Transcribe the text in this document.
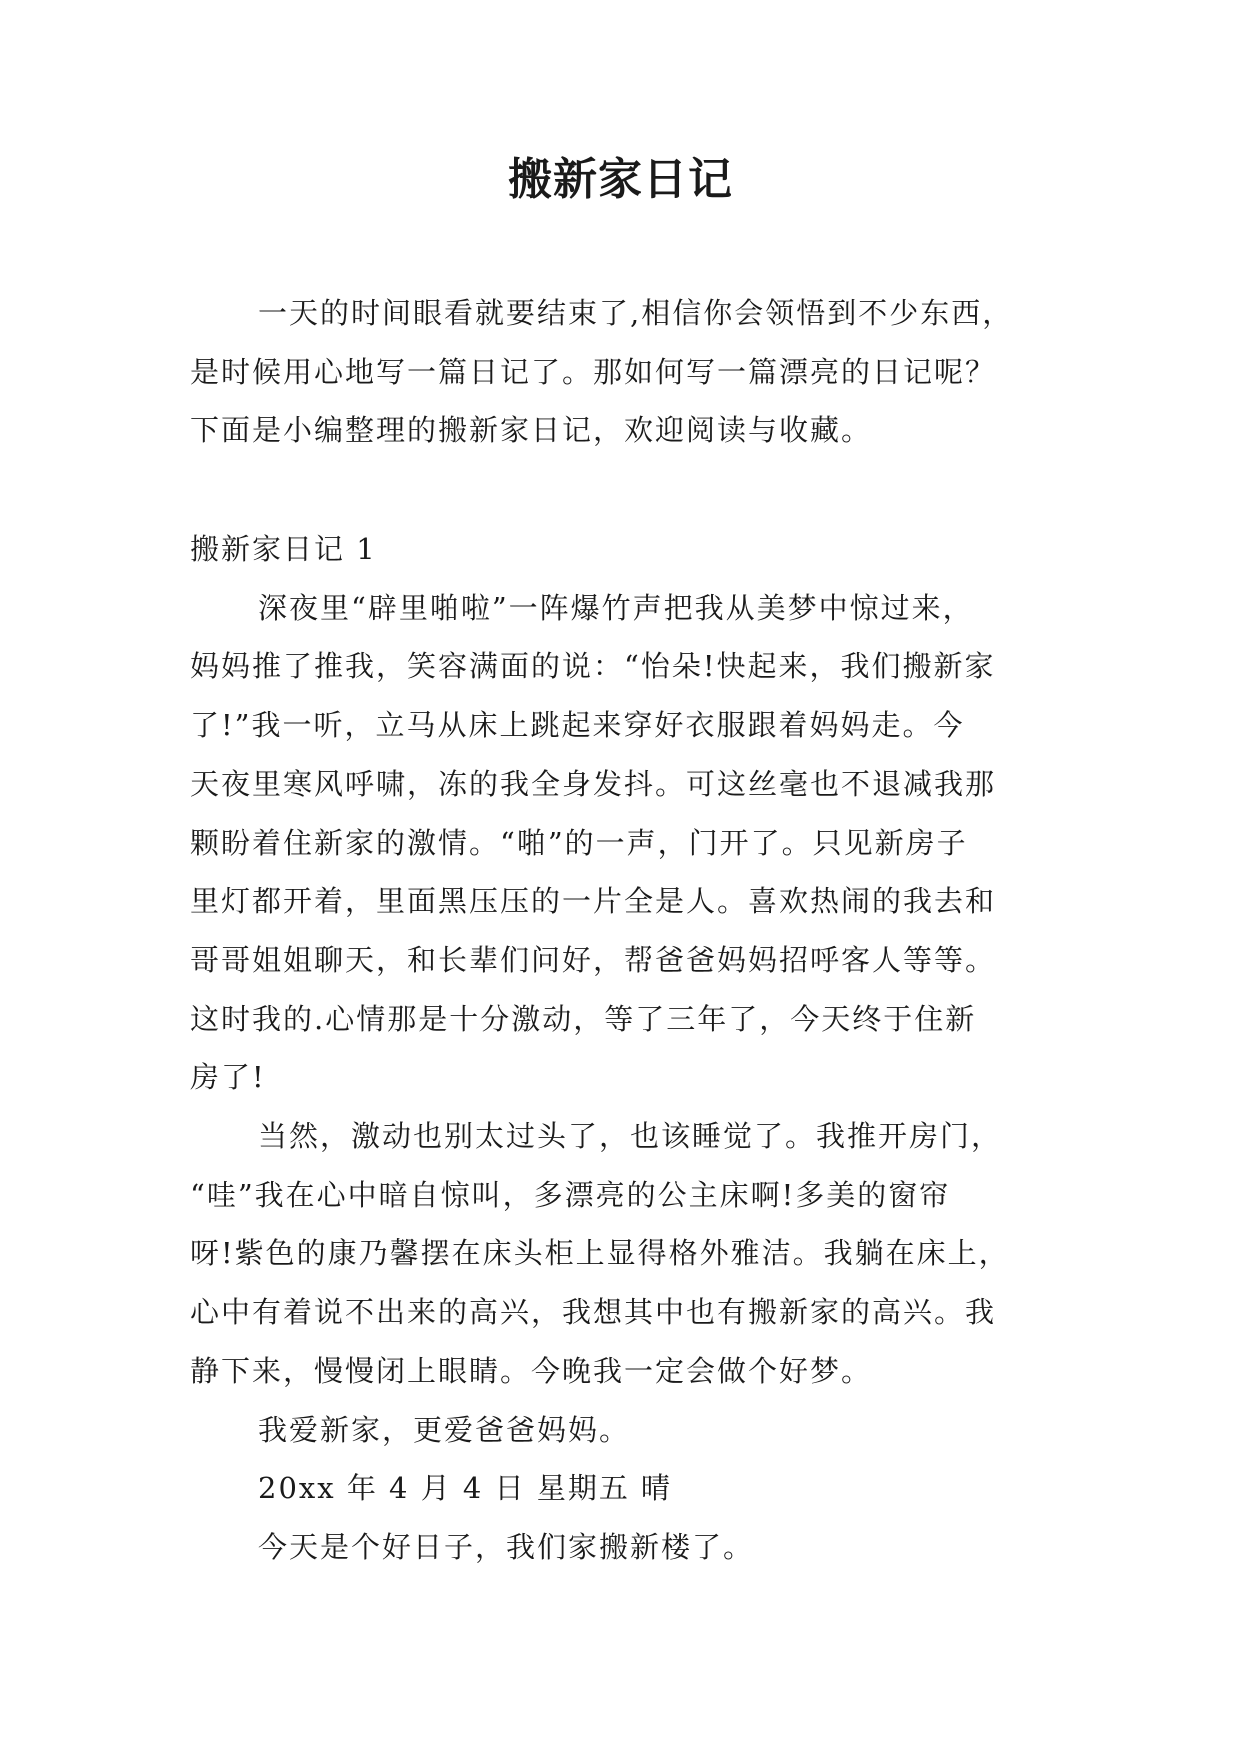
搬新家日记
一天的时间眼看就要结束了,相信你会领悟到不少东西，
是时候用心地写一篇日记了。那如何写一篇漂亮的日记呢？
下面是小编整理的搬新家日记，欢迎阅读与收藏。
搬新家日记 1
深夜里“辟里啪啦”一阵爆竹声把我从美梦中惊过来，
妈妈推了推我，笑容满面的说：“怡朵!快起来，我们搬新家
了!”我一听，立马从床上跳起来穿好衣服跟着妈妈走。今
天夜里寒风呼啸，冻的我全身发抖。可这丝毫也不退减我那
颗盼着住新家的激情。“啪”的一声，门开了。只见新房子
里灯都开着，里面黑压压的一片全是人。喜欢热闹的我去和
哥哥姐姐聊天，和长辈们问好，帮爸爸妈妈招呼客人等等。
这时我的.心情那是十分激动，等了三年了，今天终于住新
房了!
当然，激动也别太过头了，也该睡觉了。我推开房门，
“哇”我在心中暗自惊叫，多漂亮的公主床啊!多美的窗帘
呀!紫色的康乃馨摆在床头柜上显得格外雅洁。我躺在床上，
心中有着说不出来的高兴，我想其中也有搬新家的高兴。我
静下来，慢慢闭上眼睛。今晚我一定会做个好梦。
我爱新家，更爱爸爸妈妈。
20xx 年 4 月 4 日 星期五 晴
今天是个好日子，我们家搬新楼了。
